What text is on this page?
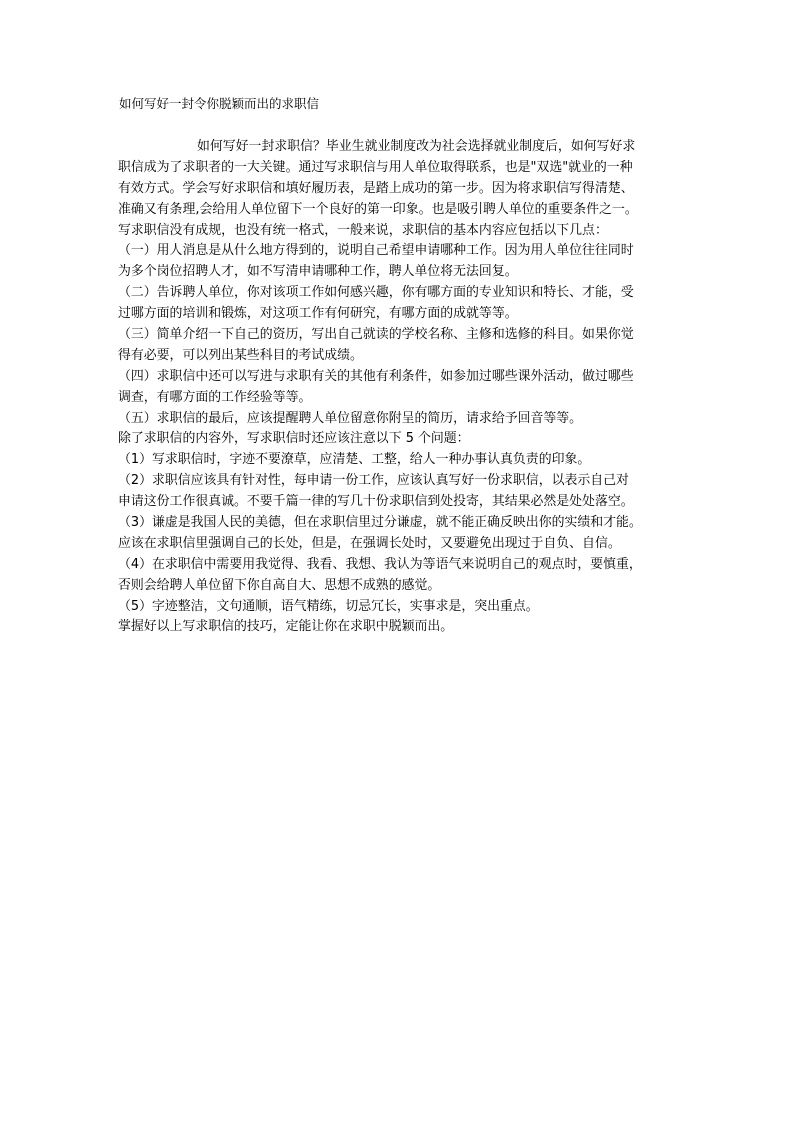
如何写好一封令你脱颖而出的求职信
如何写好一封求职信？毕业生就业制度改为社会选择就业制度后，如何写好求
职信成为了求职者的一大关键。通过写求职信与用人单位取得联系，也是"双选"就业的一种
有效方式。学会写好求职信和填好履历表，是踏上成功的第一步。因为将求职信写得清楚、
准确又有条理,会给用人单位留下一个良好的第一印象。也是吸引聘人单位的重要条件之一。
写求职信没有成规，也没有统一格式，一般来说，求职信的基本内容应包括以下几点：
（一）用人消息是从什么地方得到的，说明自己希望申请哪种工作。因为用人单位往往同时
为多个岗位招聘人才，如不写清申请哪种工作，聘人单位将无法回复。
（二）告诉聘人单位，你对该项工作如何感兴趣，你有哪方面的专业知识和特长、才能，受
过哪方面的培训和锻炼，对这项工作有何研究，有哪方面的成就等等。
（三）简单介绍一下自己的资历，写出自己就读的学校名称、主修和选修的科目。如果你觉
得有必要，可以列出某些科目的考试成绩。
（四）求职信中还可以写进与求职有关的其他有利条件，如参加过哪些课外活动，做过哪些
调查，有哪方面的工作经验等等。
（五）求职信的最后，应该提醒聘人单位留意你附呈的简历，请求给予回音等等。
除了求职信的内容外，写求职信时还应该注意以下 5 个问题：
（1）写求职信时，字迹不要潦草，应清楚、工整，给人一种办事认真负责的印象。
（2）求职信应该具有针对性，每申请一份工作，应该认真写好一份求职信，以表示自己对
申请这份工作很真诚。不要千篇一律的写几十份求职信到处投寄，其结果必然是处处落空。
（3）谦虚是我国人民的美德，但在求职信里过分谦虚，就不能正确反映出你的实绩和才能。
应该在求职信里强调自己的长处，但是，在强调长处时，又要避免出现过于自负、自信。
（4）在求职信中需要用我觉得、我看、我想、我认为等语气来说明自己的观点时，要慎重，
否则会给聘人单位留下你自高自大、思想不成熟的感觉。
（5）字迹整洁，文句通顺，语气精练，切忌冗长，实事求是，突出重点。
掌握好以上写求职信的技巧，定能让你在求职中脱颖而出。
